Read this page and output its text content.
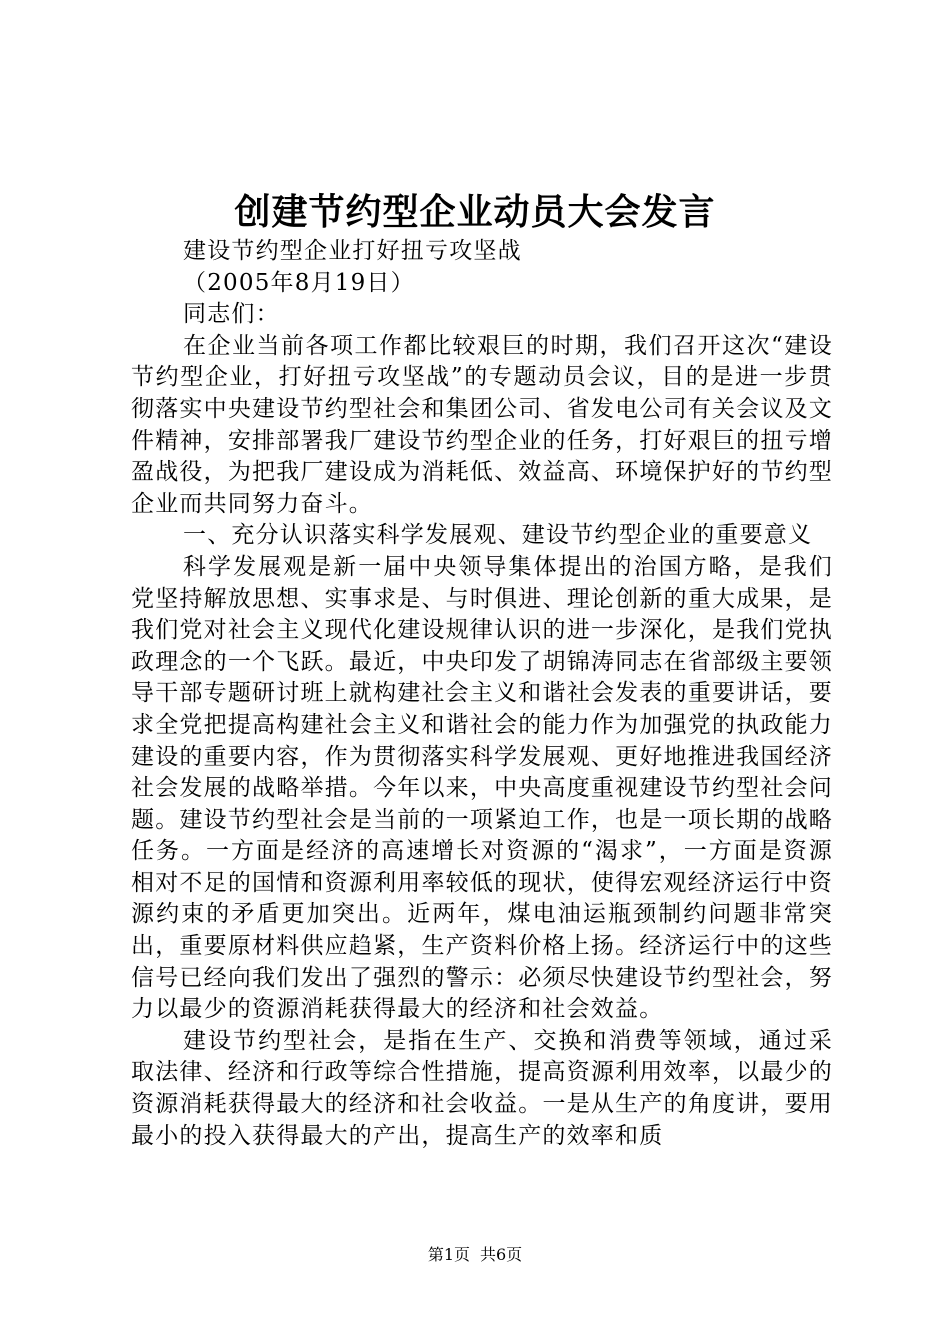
创建节约型企业动员大会发言

建设节约型企业打好扭亏攻坚战

（2005年8月19日）

同志们：

在企业当前各项工作都比较艰巨的时期，我们召开这次“建设节约型企业，打好扭亏攻坚战”的专题动员会议，目的是进一步贯彻落实中央建设节约型社会和集团公司、省发电公司有关会议及文件精神，安排部署我厂建设节约型企业的任务，打好艰巨的扭亏增盈战役，为把我厂建设成为消耗低、效益高、环境保护好的节约型企业而共同努力奋斗。

一、充分认识落实科学发展观、建设节约型企业的重要意义

科学发展观是新一届中央领导集体提出的治国方略，是我们党坚持解放思想、实事求是、与时俱进、理论创新的重大成果，是我们党对社会主义现代化建设规律认识的进一步深化，是我们党执政理念的一个飞跃。最近，中央印发了胡锦涛同志在省部级主要领导干部专题研讨班上就构建社会主义和谐社会发表的重要讲话，要求全党把提高构建社会主义和谐社会的能力作为加强党的执政能力建设的重要内容，作为贯彻落实科学发展观、更好地推进我国经济社会发展的战略举措。今年以来，中央高度重视建设节约型社会问题。建设节约型社会是当前的一项紧迫工作，也是一项长期的战略任务。一方面是经济的高速增长对资源的“渴求”，一方面是资源相对不足的国情和资源利用率较低的现状，使得宏观经济运行中资源约束的矛盾更加突出。近两年，煤电油运瓶颈制约问题非常突出，重要原材料供应趋紧，生产资料价格上扬。经济运行中的这些信号已经向我们发出了强烈的警示：必须尽快建设节约型社会，努力以最少的资源消耗获得最大的经济和社会效益。

建设节约型社会，是指在生产、交换和消费等领域，通过采取法律、经济和行政等综合性措施，提高资源利用效率，以最少的资源消耗获得最大的经济和社会收益。一是从生产的角度讲，要用最小的投入获得最大的产出，提高生产的效率和质

第1页 共6页
